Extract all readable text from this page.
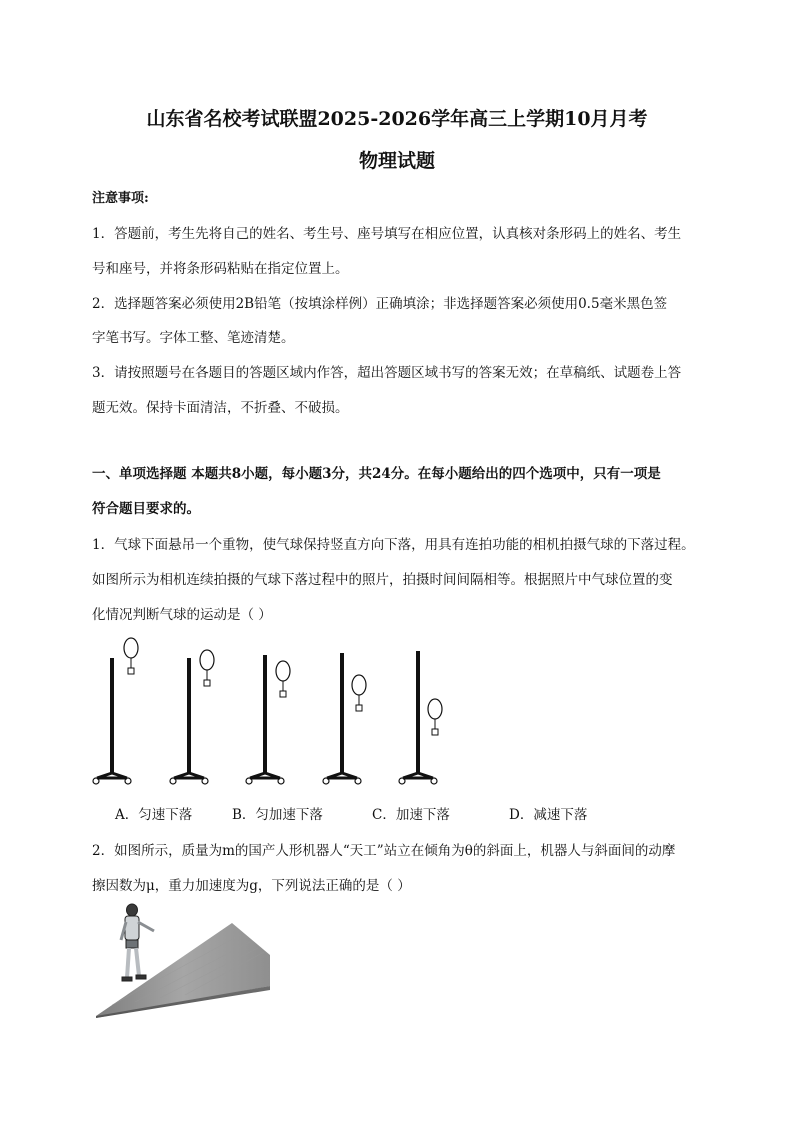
山东省名校考试联盟2025-2026学年高三上学期10月月考
物理试题
注意事项:
1．答题前，考生先将自己的姓名、考生号、座号填写在相应位置，认真核对条形码上的姓名、考生
号和座号，并将条形码粘贴在指定位置上。
2．选择题答案必须使用2B铅笔（按填涂样例）正确填涂；非选择题答案必须使用0.5毫米黑色签
字笔书写。字体工整、笔迹清楚。
3．请按照题号在各题目的答题区域内作答，超出答题区域书写的答案无效；在草稿纸、试题卷上答
题无效。保持卡面清洁，不折叠、不破损。
一、单项选择题 本题共8小题，每小题3分，共24分。在每小题给出的四个选项中，只有一项是
符合题目要求的。
1．气球下面悬吊一个重物，使气球保持竖直方向下落，用具有连拍功能的相机拍摄气球的下落过程。
如图所示为相机连续拍摄的气球下落过程中的照片，拍摄时间间隔相等。根据照片中气球位置的变
化情况判断气球的运动是（ ）
A．匀速下落	B．匀加速下落	C．加速下落	D．减速下落
2．如图所示，质量为m的国产人形机器人“天工”站立在倾角为θ的斜面上，机器人与斜面间的动摩
擦因数为μ，重力加速度为g，下列说法正确的是（ ）
